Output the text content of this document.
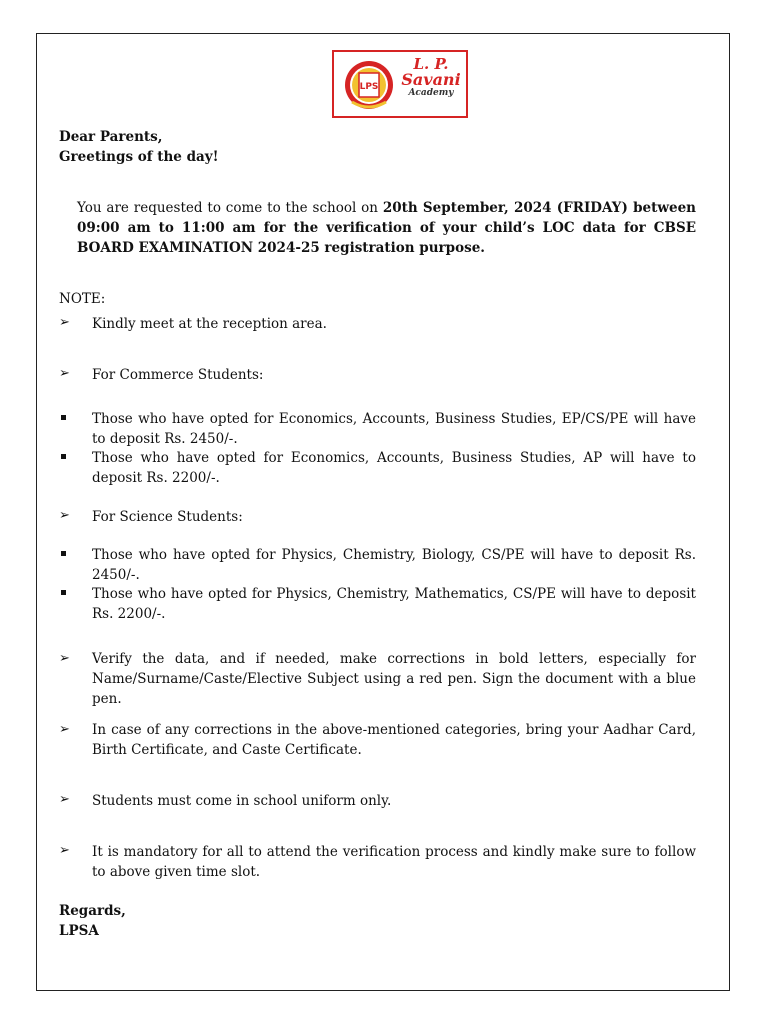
LPS
L. P.
Savani
Academy
Dear Parents,
Greetings of the day!
You are requested to come to the school on 20th September, 2024 (FRIDAY) between 09:00 am to 11:00 am for the verification of your child’s LOC data for CBSE BOARD EXAMINATION 2024-25 registration purpose.
NOTE:
➢	Kindly meet at the reception area.
➢	For Commerce Students:
Those who have opted for Economics, Accounts, Business Studies, EP/CS/PE will have to deposit Rs. 2450/-.
Those who have opted for Economics, Accounts, Business Studies, AP will have to deposit Rs. 2200/-.
➢	For Science Students:
Those who have opted for Physics, Chemistry, Biology, CS/PE will have to deposit Rs. 2450/-.
Those who have opted for Physics, Chemistry, Mathematics, CS/PE will have to deposit Rs. 2200/-.
➢	Verify the data, and if needed, make corrections in bold letters, especially for Name/Surname/Caste/Elective Subject using a red pen. Sign the document with a blue pen.
➢	In case of any corrections in the above-mentioned categories, bring your Aadhar Card, Birth Certificate, and Caste Certificate.
➢	Students must come in school uniform only.
➢	It is mandatory for all to attend the verification process and kindly make sure to follow to above given time slot.
Regards,
LPSA
